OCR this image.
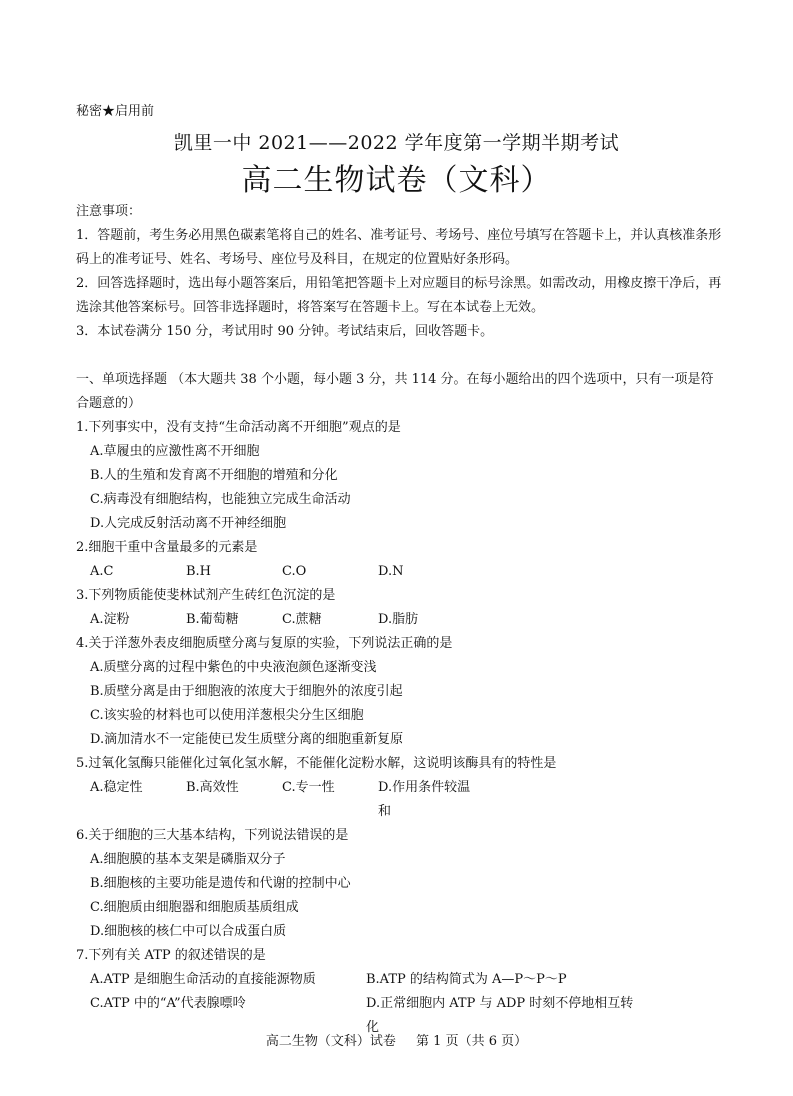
秘密★启用前
凯里一中 2021——2022 学年度第一学期半期考试
高二生物试卷（文科）

注意事项：

1．答题前，考生务必用黑色碳素笔将自己的姓名、准考证号、考场号、座位号填写在答题卡上，并认真核准条形码上的准考证号、姓名、考场号、座位号及科目，在规定的位置贴好条形码。

2．回答选择题时，选出每小题答案后，用铅笔把答题卡上对应题目的标号涂黑。如需改动，用橡皮擦干净后，再选涂其他答案标号。回答非选择题时，将答案写在答题卡上。写在本试卷上无效。

3．本试卷满分 150 分，考试用时 90 分钟。考试结束后，回收答题卡。

一、单项选择题 （本大题共 38 个小题，每小题 3 分，共 114 分。在每小题给出的四个选项中，只有一项是符合题意的）

1.下列事实中，没有支持“生命活动离不开细胞”观点的是

A.草履虫的应激性离不开细胞

B.人的生殖和发育离不开细胞的增殖和分化

C.病毒没有细胞结构，也能独立完成生命活动

D.人完成反射活动离不开神经细胞

2.细胞干重中含量最多的元素是

A.C	B.H	C.O	D.N

3.下列物质能使斐林试剂产生砖红色沉淀的是

A.淀粉	B.葡萄糖	C.蔗糖	D.脂肪

4.关于洋葱外表皮细胞质壁分离与复原的实验，下列说法正确的是

A.质壁分离的过程中紫色的中央液泡颜色逐渐变浅

B.质壁分离是由于细胞液的浓度大于细胞外的浓度引起

C.该实验的材料也可以使用洋葱根尖分生区细胞

D.滴加清水不一定能使已发生质壁分离的细胞重新复原

5.过氧化氢酶只能催化过氧化氢水解，不能催化淀粉水解，这说明该酶具有的特性是

A.稳定性	B.高效性	C.专一性	D.作用条件较温和

6.关于细胞的三大基本结构，下列说法错误的是

A.细胞膜的基本支架是磷脂双分子

B.细胞核的主要功能是遗传和代谢的控制中心

C.细胞质由细胞器和细胞质基质组成

D.细胞核的核仁中可以合成蛋白质

7.下列有关 ATP 的叙述错误的是

A.ATP 是细胞生命活动的直接能源物质	B.ATP 的结构简式为 A—P～P～P
C.ATP 中的“A”代表腺嘌呤	D.正常细胞内 ATP 与 ADP 时刻不停地相互转化
高二生物（文科）试卷 第 1 页（共 6 页）
